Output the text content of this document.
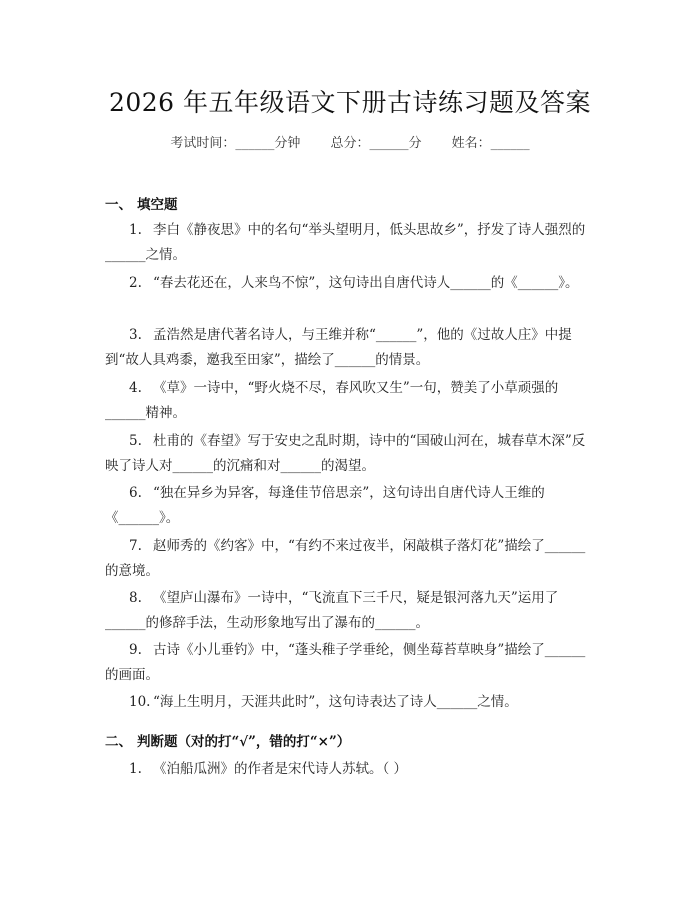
2026 年五年级语文下册古诗练习题及答案
考试时间：______分钟 总分：______分 姓名：______
一、 填空题
1. 李白《静夜思》中的名句“举头望明月，低头思故乡”，抒发了诗人强烈的______之情。
2. “春去花还在，人来鸟不惊”，这句诗出自唐代诗人______的《______》。
3. 孟浩然是唐代著名诗人，与王维并称“______”，他的《过故人庄》中提到“故人具鸡黍，邀我至田家”，描绘了______的情景。
4. 《草》一诗中，“野火烧不尽，春风吹又生”一句，赞美了小草顽强的______精神。
5. 杜甫的《春望》写于安史之乱时期，诗中的“国破山河在，城春草木深”反映了诗人对______的沉痛和对______的渴望。
6. “独在异乡为异客，每逢佳节倍思亲”，这句诗出自唐代诗人王维的《______》。
7. 赵师秀的《约客》中，“有约不来过夜半，闲敲棋子落灯花”描绘了______的意境。
8. 《望庐山瀑布》一诗中，“飞流直下三千尺，疑是银河落九天”运用了______的修辞手法，生动形象地写出了瀑布的______。
9. 古诗《小儿垂钓》中，“蓬头稚子学垂纶，侧坐莓苔草映身”描绘了______的画面。
10. “海上生明月，天涯共此时”，这句诗表达了诗人______之情。
二、 判断题（对的打“√”，错的打“×”）
1. 《泊船瓜洲》的作者是宋代诗人苏轼。（ ）
